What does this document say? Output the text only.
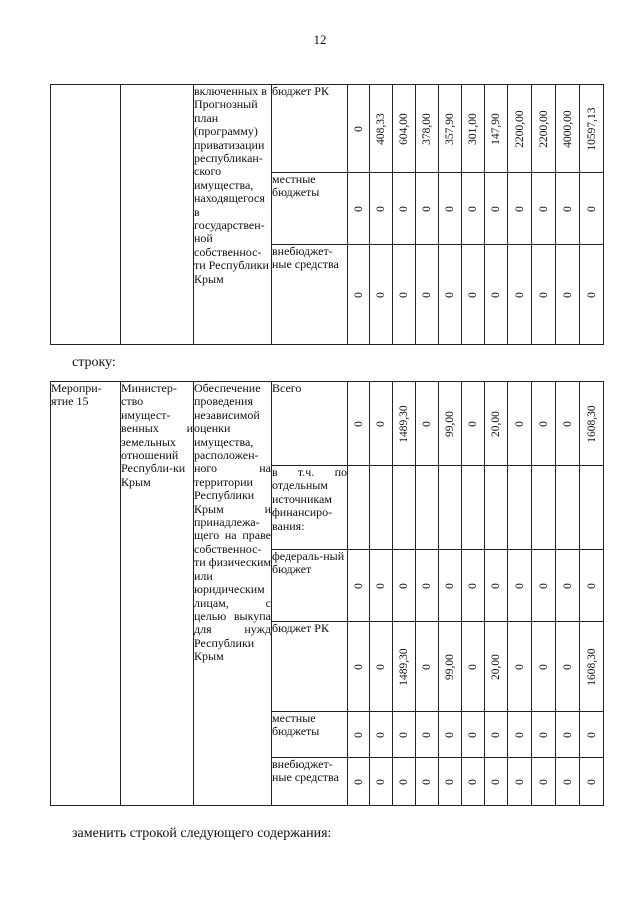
12
		включенных в Прогнозный план (программу) приватизации республикан-ского имущества, находящегося в государствен-ной собственнос-ти Республики Крым	бюджет РК	0	408,33	604,00	378,00	357,90	301,00	147,90	2200,00	2200,00	4000,00	10597,13

			местные бюджеты	0	0	0	0	0	0	0	0	0	0	0

			внебюджет-ные средства	0	0	0	0	0	0	0	0	0	0	0
строку:
Меропри-ятие 15	Министер-ство имущест-венных и земельных отношений Республи-ки Крым	Обеспечение проведения независимой оценки имущества, расположен-ного на территории Республики Крым и принадлежа-щего на праве собственнос-ти физическим или юридическим лицам, с целью выкупа для нужд Республики Крым	Всего	0	0	1489,30	0	99,00	0	20,00	0	0	0	1608,30

			в т.ч. по отдельным источникам финансиро-вания:	

			федераль-ный бюджет	0	0	0	0	0	0	0	0	0	0	0

			бюджет РК	0	0	1489,30	0	99,00	0	20,00	0	0	0	1608,30

			местные бюджеты	0	0	0	0	0	0	0	0	0	0	0

			внебюджет-ные средства	0	0	0	0	0	0	0	0	0	0	0
заменить строкой следующего содержания:
